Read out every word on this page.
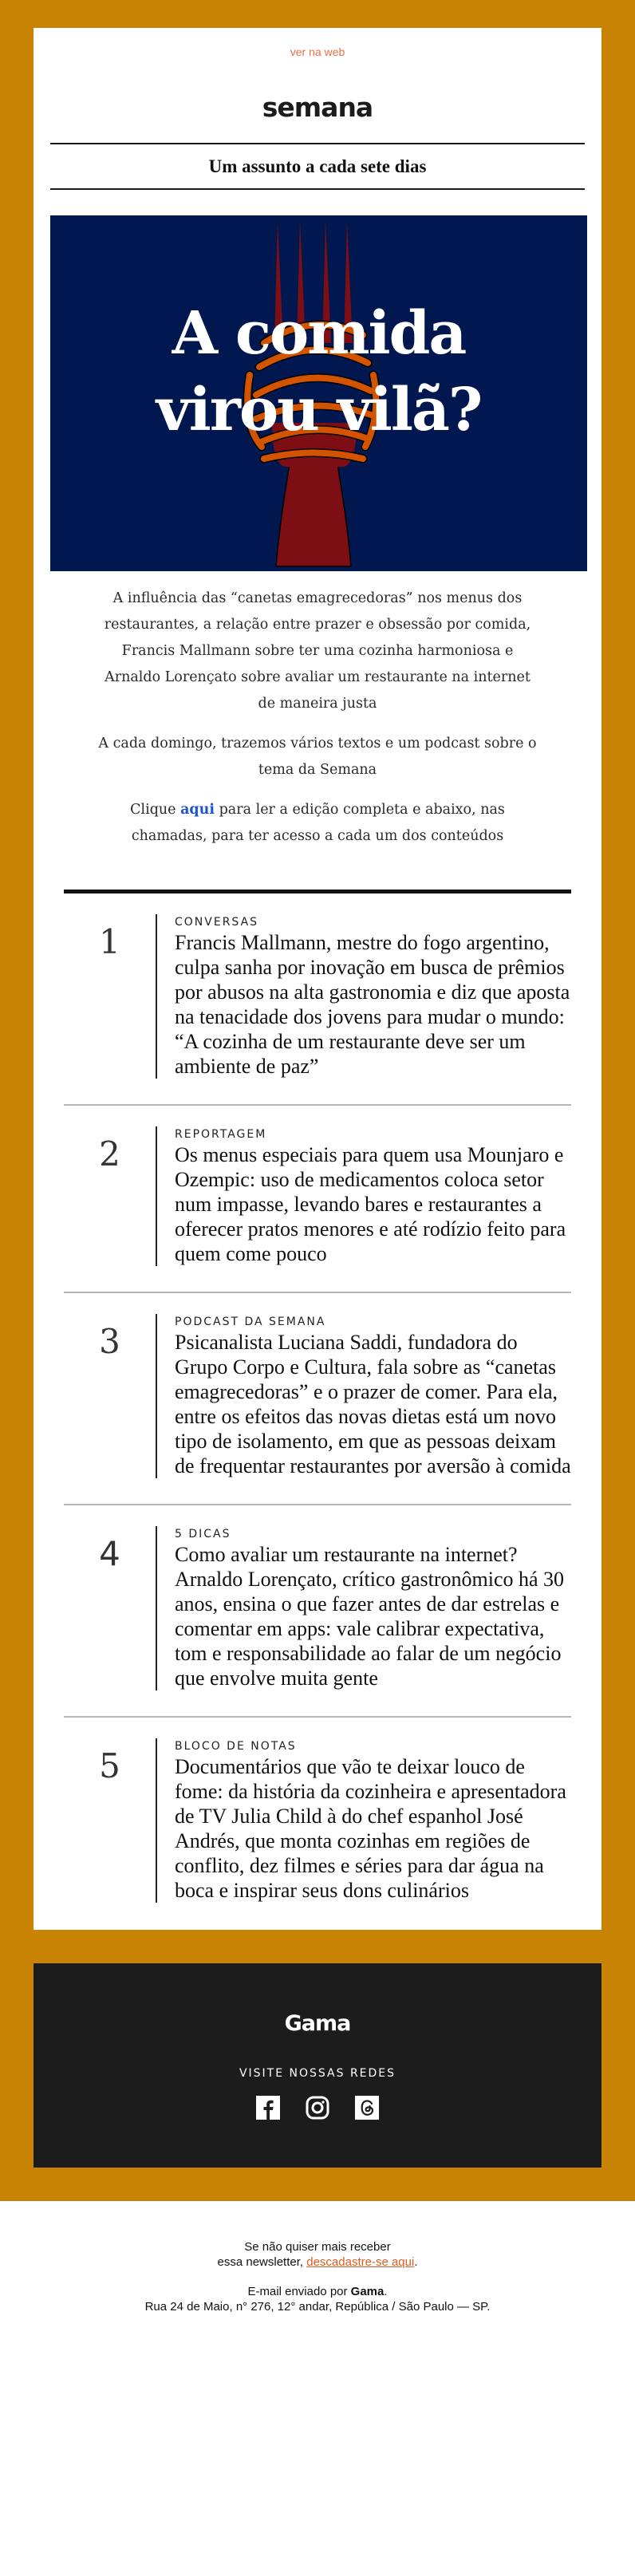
ver na web
semana
Um assunto a cada sete dias
A comida
virou vilã?

A influência das “canetas emagrecedoras” nos menus dos restaurantes, a relação entre prazer e obsessão por comida, Francis Mallmann sobre ter uma cozinha harmoniosa e Arnaldo Lorençato sobre avaliar um restaurante na internet de maneira justa

A cada domingo, trazemos vários textos e um podcast sobre o tema da Semana

Clique aqui para ler a edição completa e abaixo, nas chamadas, para ter acesso a cada um dos conteúdos

1	CONVERSAS
Francis Mallmann, mestre do fogo argentino, culpa sanha por inovação em busca de prêmios por abusos na alta gastronomia e diz que aposta na tenacidade dos jovens para mudar o mundo: “A cozinha de um restaurante deve ser um ambiente de paz”
2	REPORTAGEM
Os menus especiais para quem usa Mounjaro e Ozempic: uso de medicamentos coloca setor num impasse, levando bares e restaurantes a oferecer pratos menores e até rodízio feito para quem come pouco
3	PODCAST DA SEMANA
Psicanalista Luciana Saddi, fundadora do Grupo Corpo e Cultura, fala sobre as “canetas emagrecedoras” e o prazer de comer. Para ela, entre os efeitos das novas dietas está um novo tipo de isolamento, em que as pessoas deixam de frequentar restaurantes por aversão à comida
4	5 DICAS
Como avaliar um restaurante na internet? Arnaldo Lorençato, crítico gastronômico há 30 anos, ensina o que fazer antes de dar estrelas e comentar em apps: vale calibrar expectativa, tom e responsabilidade ao falar de um negócio que envolve muita gente
5	BLOCO DE NOTAS
Documentários que vão te deixar louco de fome: da história da cozinheira e apresentadora de TV Julia Child à do chef espanhol José Andrés, que monta cozinhas em regiões de conflito, dez filmes e séries para dar água na boca e inspirar seus dons culinários
Gama
VISITE NOSSAS REDES

Se não quiser mais receber
essa newsletter, descadastre-se aqui.

E-mail enviado por Gama.
Rua 24 de Maio, n° 276, 12° andar, República / São Paulo — SP.
